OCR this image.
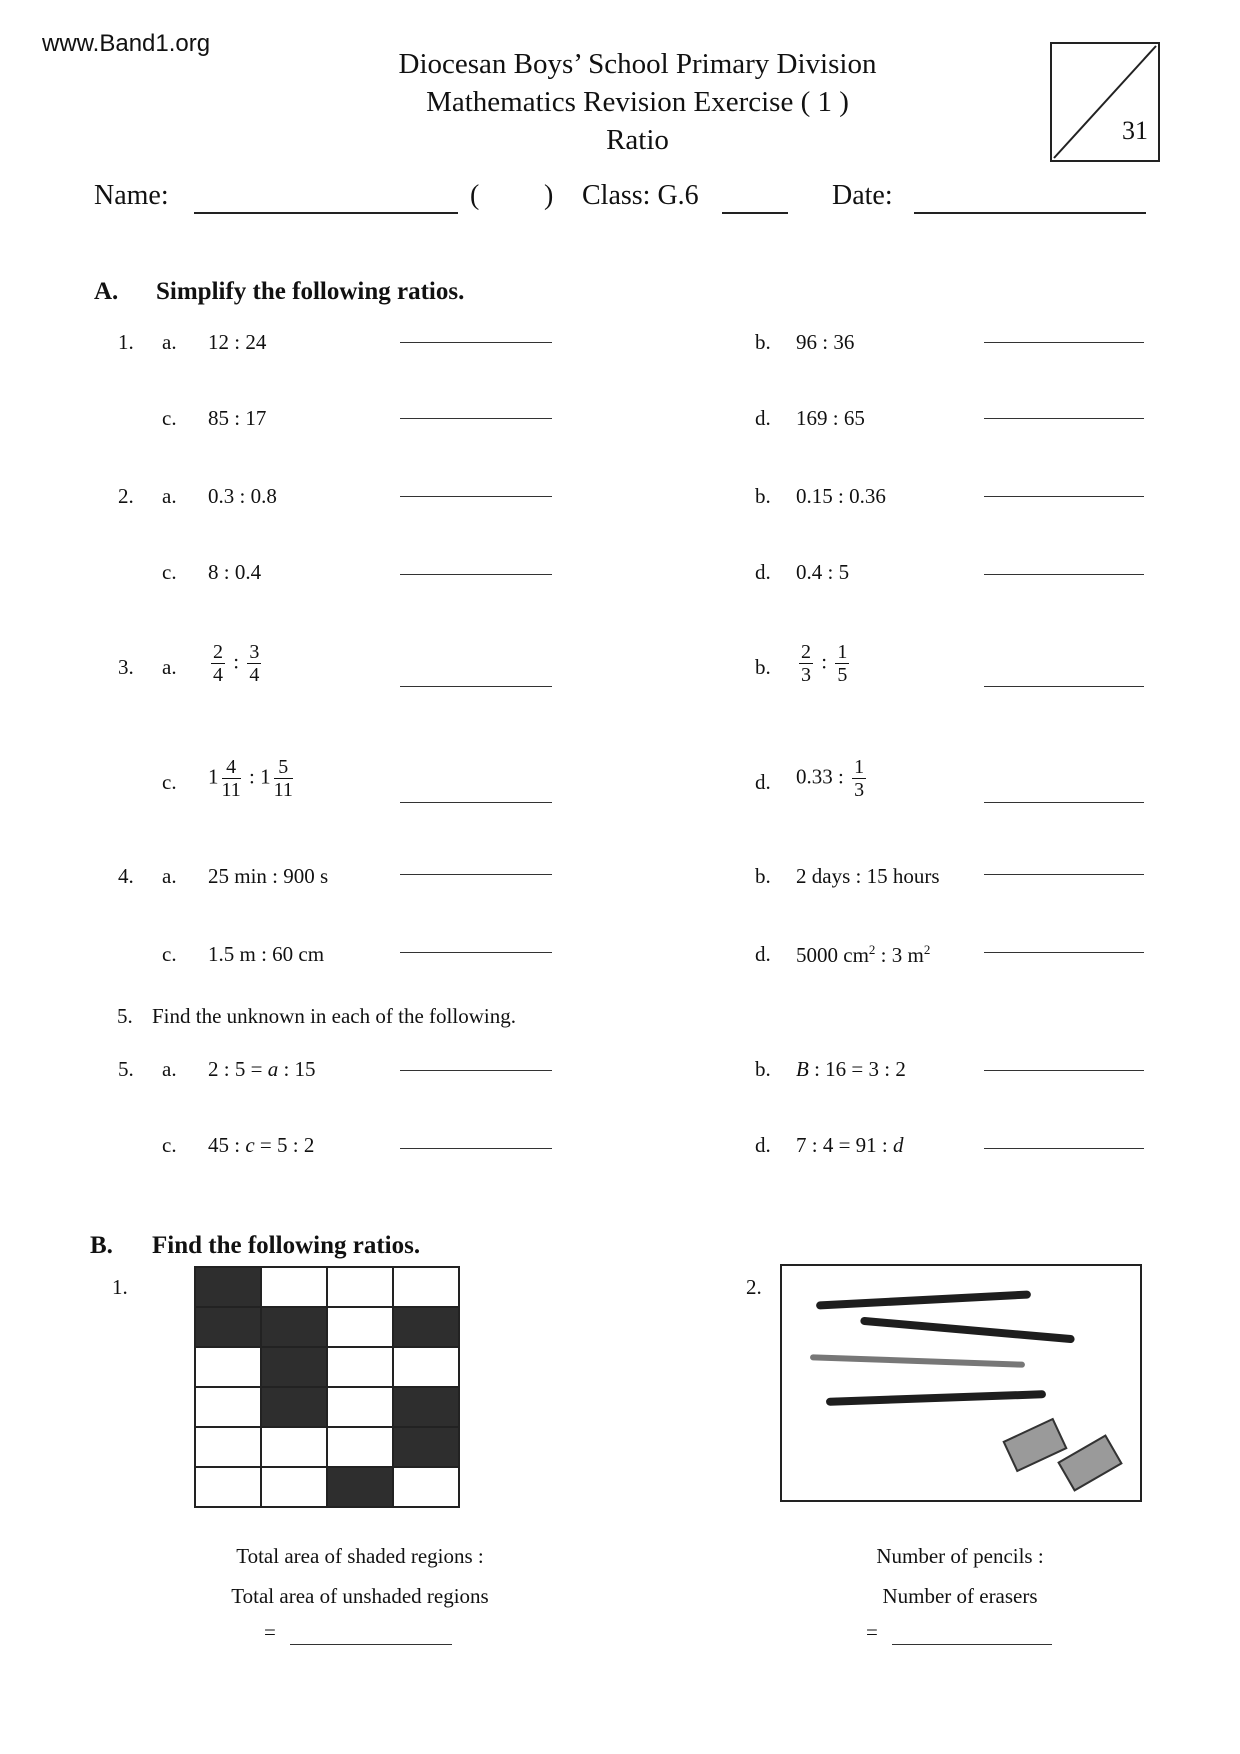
www.Band1.org
Diocesan Boys’ School Primary Division
Mathematics Revision Exercise ( 1 )
Ratio	31
Name:	( ) Class: G.6	Date:
A. Simplify the following ratios.
5. Find the unknown in each of the following.
1. a. 12 : 24	b. 96 : 36
c. 85 : 17	d. 169 : 65
2. a. 0.3 : 0.8	b. 0.15 : 0.36
c. 8 : 0.4	d. 0.4 : 5
3. a. $\frac{2}{4}$ : $\frac{3}{4}$	b. $\frac{2}{3}$ : $\frac{1}{5}$
c. $1 \frac{4}{11}$ : $1 \frac{5}{11}$	d. 0.33 : $\frac{1}{3}$
4. a. 25 min : 900 s	b. 2 days : 15 hours
c. 1.5 m : 60 cm	d. 5000 $cm^2$ : 3 $m^2$
5. a. 2 : 5 = a : 15	b. B : 16 = 3 : 2
c. 45 : c = 5 : 2	d. 7 : 4 = 91 : d
B. Find the following ratios.
1.	2.

Total area of shaded regions :
Total area of unshaded regions
=
Number of pencils :
Number of erasers
=
